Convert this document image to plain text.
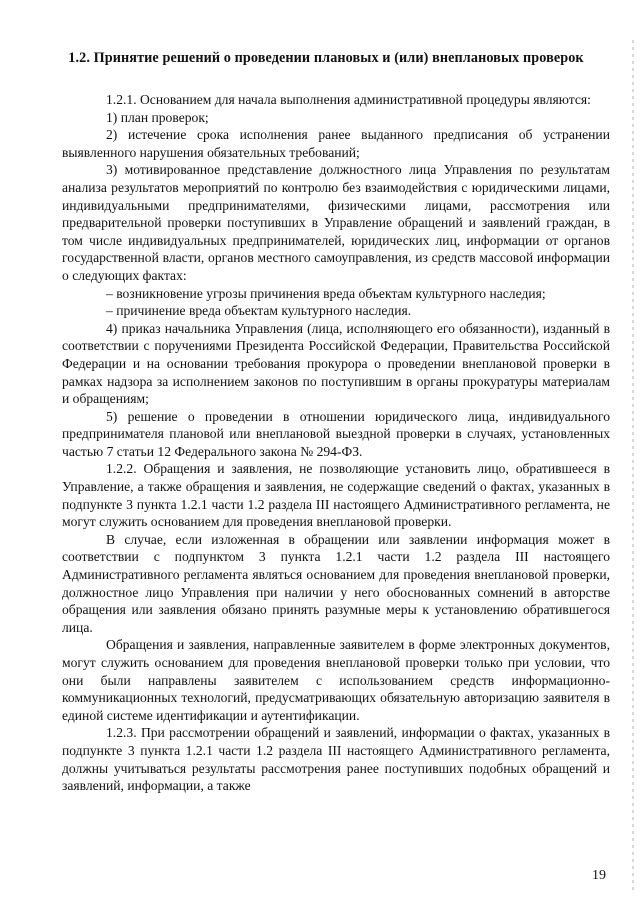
1.2. Принятие решений о проведении плановых и (или) внеплановых проверок

1.2.1. Основанием для начала выполнения административной процедуры являются:

1) план проверок;

2) истечение срока исполнения ранее выданного предписания об устранении выявленного нарушения обязательных требований;

3) мотивированное представление должностного лица Управления по результатам анализа результатов мероприятий по контролю без взаимодействия с юридическими лицами, индивидуальными предпринимателями, физическими лицами, рассмотрения или предварительной проверки поступивших в Управление обращений и заявлений граждан, в том числе индивидуальных предпринимателей, юридических лиц, информации от органов государственной власти, органов местного самоуправления, из средств массовой информации о следующих фактах:

– возникновение угрозы причинения вреда объектам культурного наследия;

– причинение вреда объектам культурного наследия.

4) приказ начальника Управления (лица, исполняющего его обязанности), изданный в соответствии с поручениями Президента Российской Федерации, Правительства Российской Федерации и на основании требования прокурора о проведении внеплановой проверки в рамках надзора за исполнением законов по поступившим в органы прокуратуры материалам и обращениям;

5) решение о проведении в отношении юридического лица, индивидуального предпринимателя плановой или внеплановой выездной проверки в случаях, установленных частью 7 статьи 12 Федерального закона № 294-ФЗ.

1.2.2. Обращения и заявления, не позволяющие установить лицо, обратившееся в Управление, а также обращения и заявления, не содержащие сведений о фактах, указанных в подпункте 3 пункта 1.2.1 части 1.2 раздела III настоящего Административного регламента, не могут служить основанием для проведения внеплановой проверки.

В случае, если изложенная в обращении или заявлении информация может в соответствии с подпунктом 3 пункта 1.2.1 части 1.2 раздела III настоящего Административного регламента являться основанием для проведения внеплановой проверки, должностное лицо Управления при наличии у него обоснованных сомнений в авторстве обращения или заявления обязано принять разумные меры к установлению обратившегося лица.

Обращения и заявления, направленные заявителем в форме электронных документов, могут служить основанием для проведения внеплановой проверки только при условии, что они были направлены заявителем с использованием средств информационно-коммуникационных технологий, предусматривающих обязательную авторизацию заявителя в единой системе идентификации и аутентификации.

1.2.3. При рассмотрении обращений и заявлений, информации о фактах, указанных в подпункте 3 пункта 1.2.1 части 1.2 раздела III настоящего Административного регламента, должны учитываться результаты рассмотрения ранее поступивших подобных обращений и заявлений, информации, а также

19
